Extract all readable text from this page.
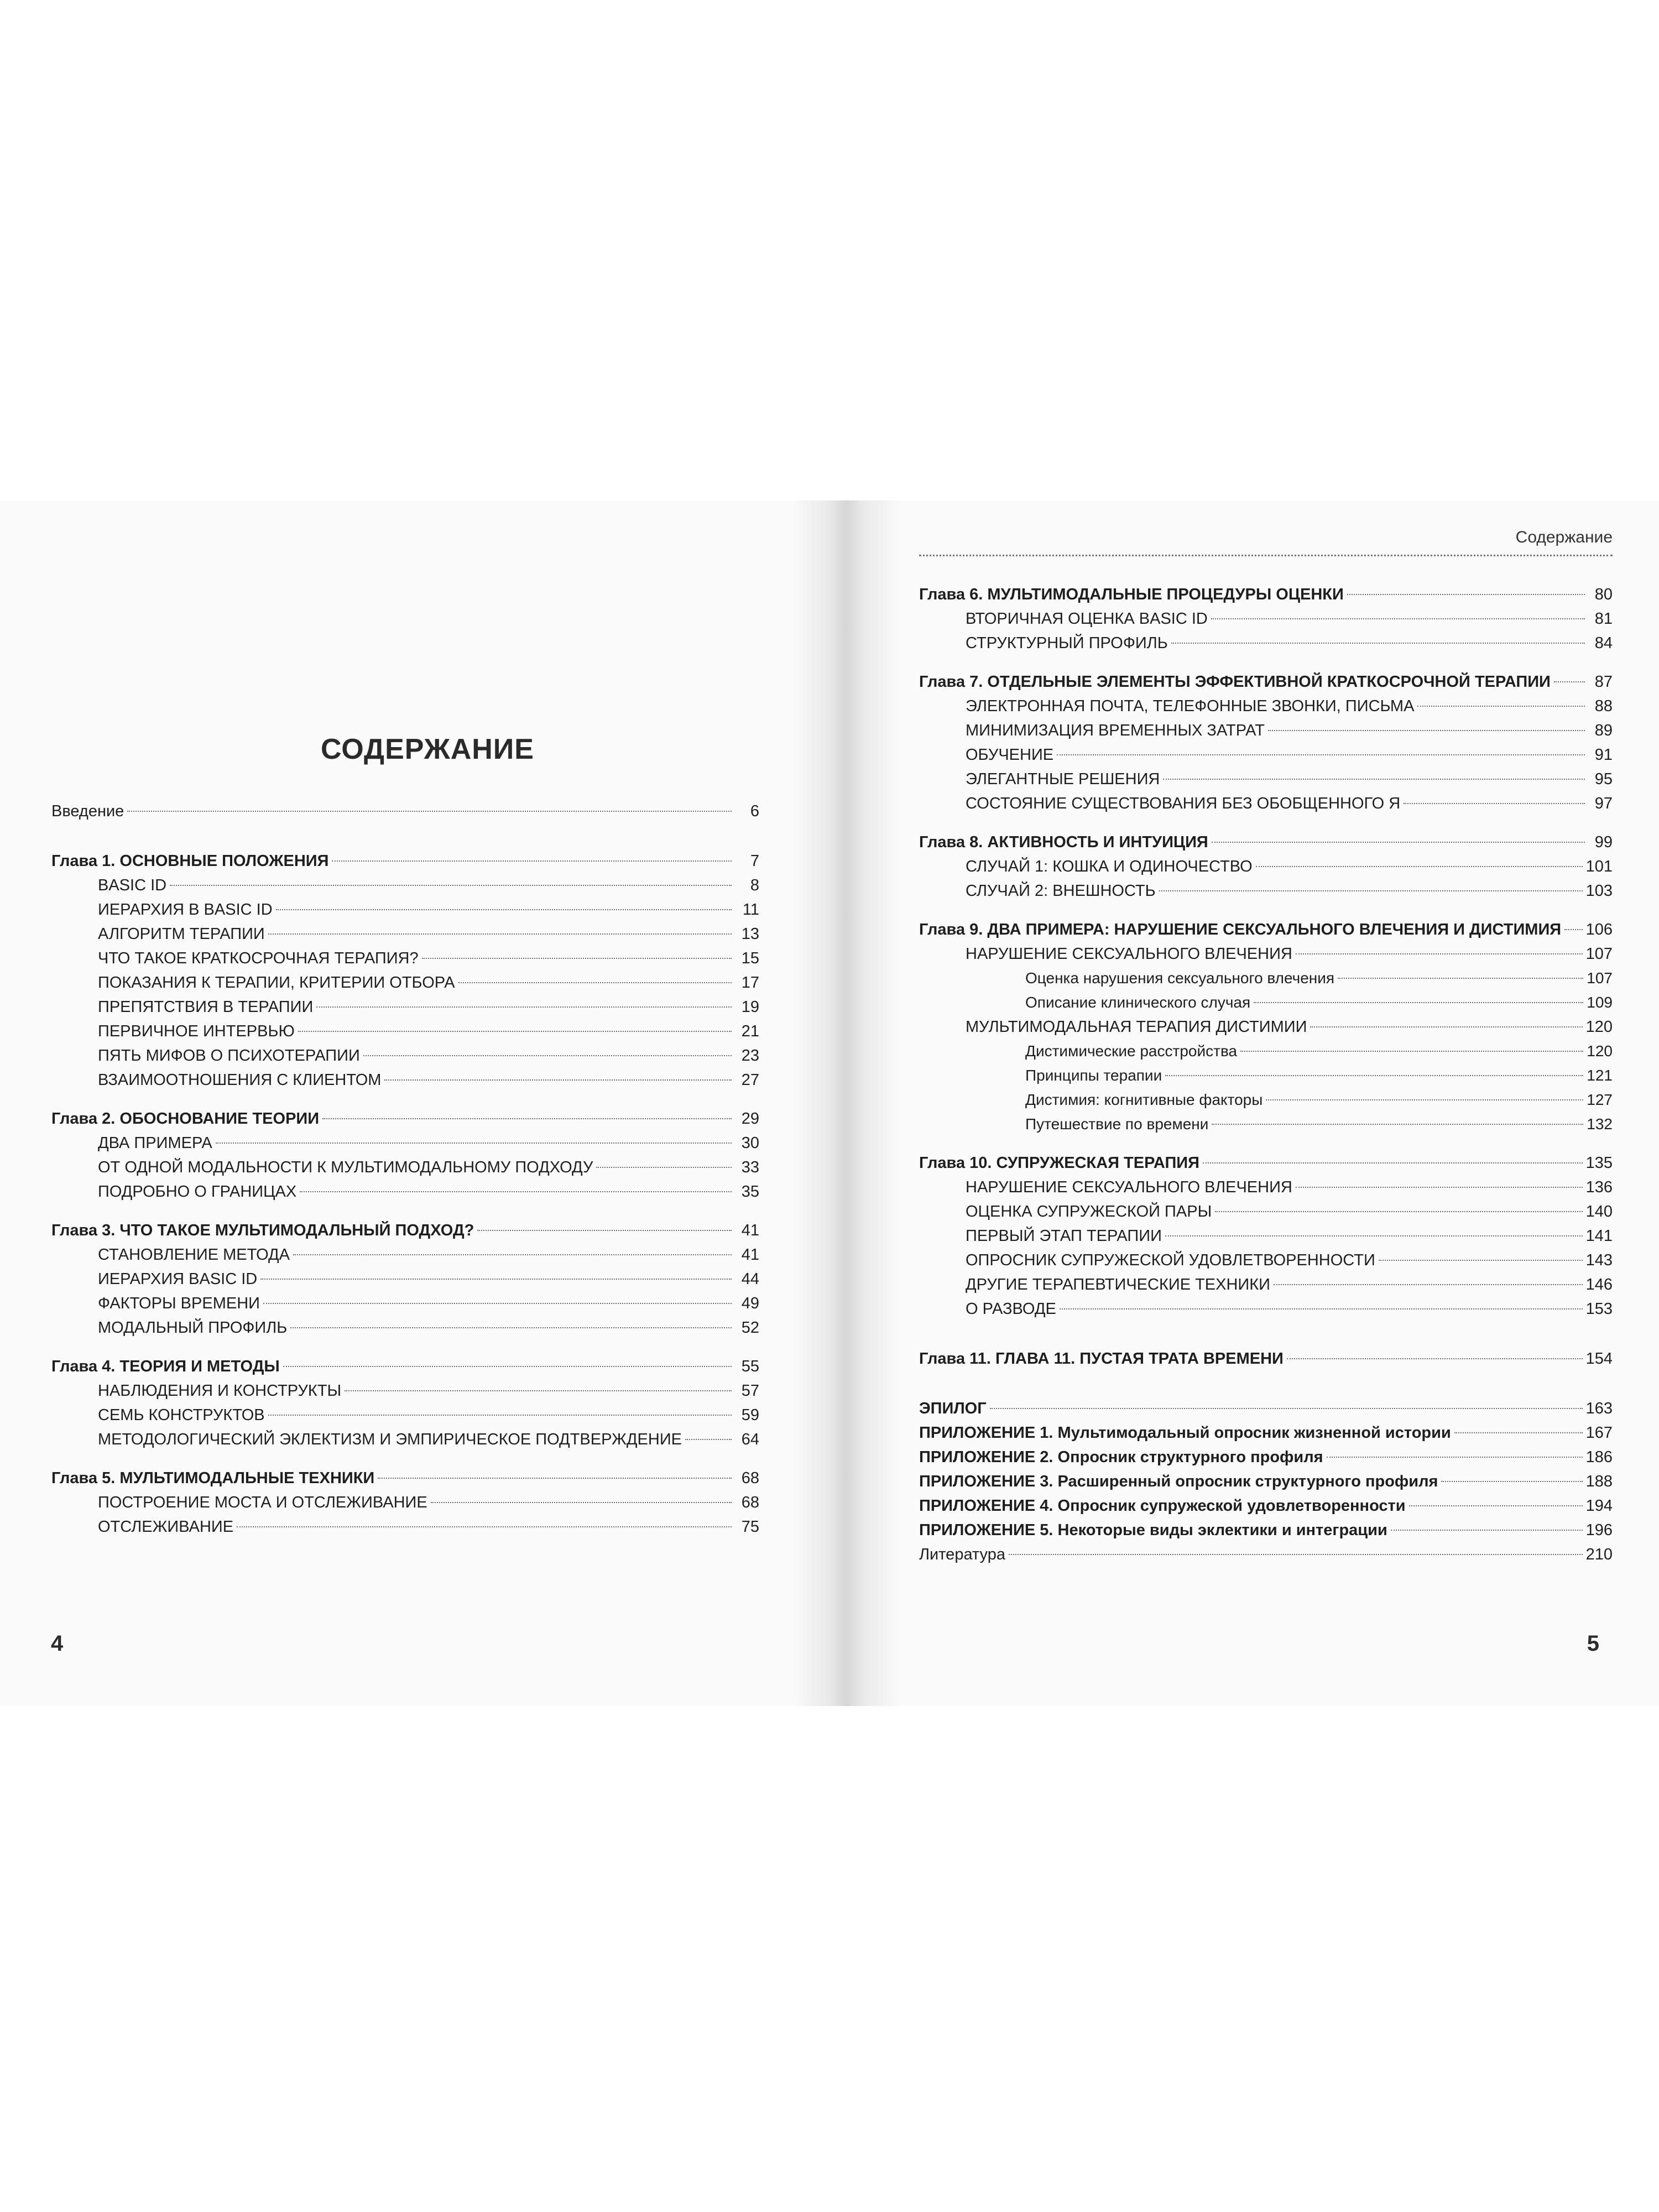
СОДЕРЖАНИЕ
Введение	6
Глава 1. ОСНОВНЫЕ ПОЛОЖЕНИЯ	7
BASIC ID	8
ИЕРАРХИЯ В BASIC ID	11
АЛГОРИТМ ТЕРАПИИ	13
ЧТО ТАКОЕ КРАТКОСРОЧНАЯ ТЕРАПИЯ?	15
ПОКАЗАНИЯ К ТЕРАПИИ, КРИТЕРИИ ОТБОРА	17
ПРЕПЯТСТВИЯ В ТЕРАПИИ	19
ПЕРВИЧНОЕ ИНТЕРВЬЮ	21
ПЯТЬ МИФОВ О ПСИХОТЕРАПИИ	23
ВЗАИМООТНОШЕНИЯ С КЛИЕНТОМ	27
Глава 2. ОБОСНОВАНИЕ ТЕОРИИ	29
ДВА ПРИМЕРА	30
ОТ ОДНОЙ МОДАЛЬНОСТИ К МУЛЬТИМОДАЛЬНОМУ ПОДХОДУ	33
ПОДРОБНО О ГРАНИЦАХ	35
Глава 3. ЧТО ТАКОЕ МУЛЬТИМОДАЛЬНЫЙ ПОДХОД?	41
СТАНОВЛЕНИЕ МЕТОДА	41
ИЕРАРХИЯ BASIC ID	44
ФАКТОРЫ ВРЕМЕНИ	49
МОДАЛЬНЫЙ ПРОФИЛЬ	52
Глава 4. ТЕОРИЯ И МЕТОДЫ	55
НАБЛЮДЕНИЯ И КОНСТРУКТЫ	57
СЕМЬ КОНСТРУКТОВ	59
МЕТОДОЛОГИЧЕСКИЙ ЭКЛЕКТИЗМ И ЭМПИРИЧЕСКОЕ ПОДТВЕРЖДЕНИЕ	64
Глава 5. МУЛЬТИМОДАЛЬНЫЕ ТЕХНИКИ	68
ПОСТРОЕНИЕ МОСТА И ОТСЛЕЖИВАНИЕ	68
ОТСЛЕЖИВАНИЕ	75
4
Содержание
Глава 6. МУЛЬТИМОДАЛЬНЫЕ ПРОЦЕДУРЫ ОЦЕНКИ	80
ВТОРИЧНАЯ ОЦЕНКА BASIC ID	81
СТРУКТУРНЫЙ ПРОФИЛЬ	84
Глава 7. ОТДЕЛЬНЫЕ ЭЛЕМЕНТЫ ЭФФЕКТИВНОЙ КРАТКОСРОЧНОЙ ТЕРАПИИ	87
ЭЛЕКТРОННАЯ ПОЧТА, ТЕЛЕФОННЫЕ ЗВОНКИ, ПИСЬМА	88
МИНИМИЗАЦИЯ ВРЕМЕННЫХ ЗАТРАТ	89
ОБУЧЕНИЕ	91
ЭЛЕГАНТНЫЕ РЕШЕНИЯ	95
СОСТОЯНИЕ СУЩЕСТВОВАНИЯ БЕЗ ОБОБЩЕННОГО Я	97
Глава 8. АКТИВНОСТЬ И ИНТУИЦИЯ	99
СЛУЧАЙ 1: КОШКА И ОДИНОЧЕСТВО	101
СЛУЧАЙ 2: ВНЕШНОСТЬ	103
Глава 9. ДВА ПРИМЕРА: НАРУШЕНИЕ СЕКСУАЛЬНОГО ВЛЕЧЕНИЯ И ДИСТИМИЯ 106
НАРУШЕНИЕ СЕКСУАЛЬНОГО ВЛЕЧЕНИЯ	107
Оценка нарушения сексуального влечения	107
Описание клинического случая	109
МУЛЬТИМОДАЛЬНАЯ ТЕРАПИЯ ДИСТИМИИ	120
Дистимические расстройства	120
Принципы терапии	121
Дистимия: когнитивные факторы	127
Путешествие по времени	132
Глава 10. СУПРУЖЕСКАЯ ТЕРАПИЯ	135
НАРУШЕНИЕ СЕКСУАЛЬНОГО ВЛЕЧЕНИЯ	136
ОЦЕНКА СУПРУЖЕСКОЙ ПАРЫ	140
ПЕРВЫЙ ЭТАП ТЕРАПИИ	141
ОПРОСНИК СУПРУЖЕСКОЙ УДОВЛЕТВОРЕННОСТИ	143
ДРУГИЕ ТЕРАПЕВТИЧЕСКИЕ ТЕХНИКИ	146
О РАЗВОДЕ	153
Глава 11. ГЛАВА 11. ПУСТАЯ ТРАТА ВРЕМЕНИ	154
ЭПИЛОГ	163
ПРИЛОЖЕНИЕ 1. Мультимодальный опросник жизненной истории	167
ПРИЛОЖЕНИЕ 2. Опросник структурного профиля	186
ПРИЛОЖЕНИЕ 3. Расширенный опросник структурного профиля	188
ПРИЛОЖЕНИЕ 4. Опросник супружеской удовлетворенности	194
ПРИЛОЖЕНИЕ 5. Некоторые виды эклектики и интеграции	196
Литература	210
5
